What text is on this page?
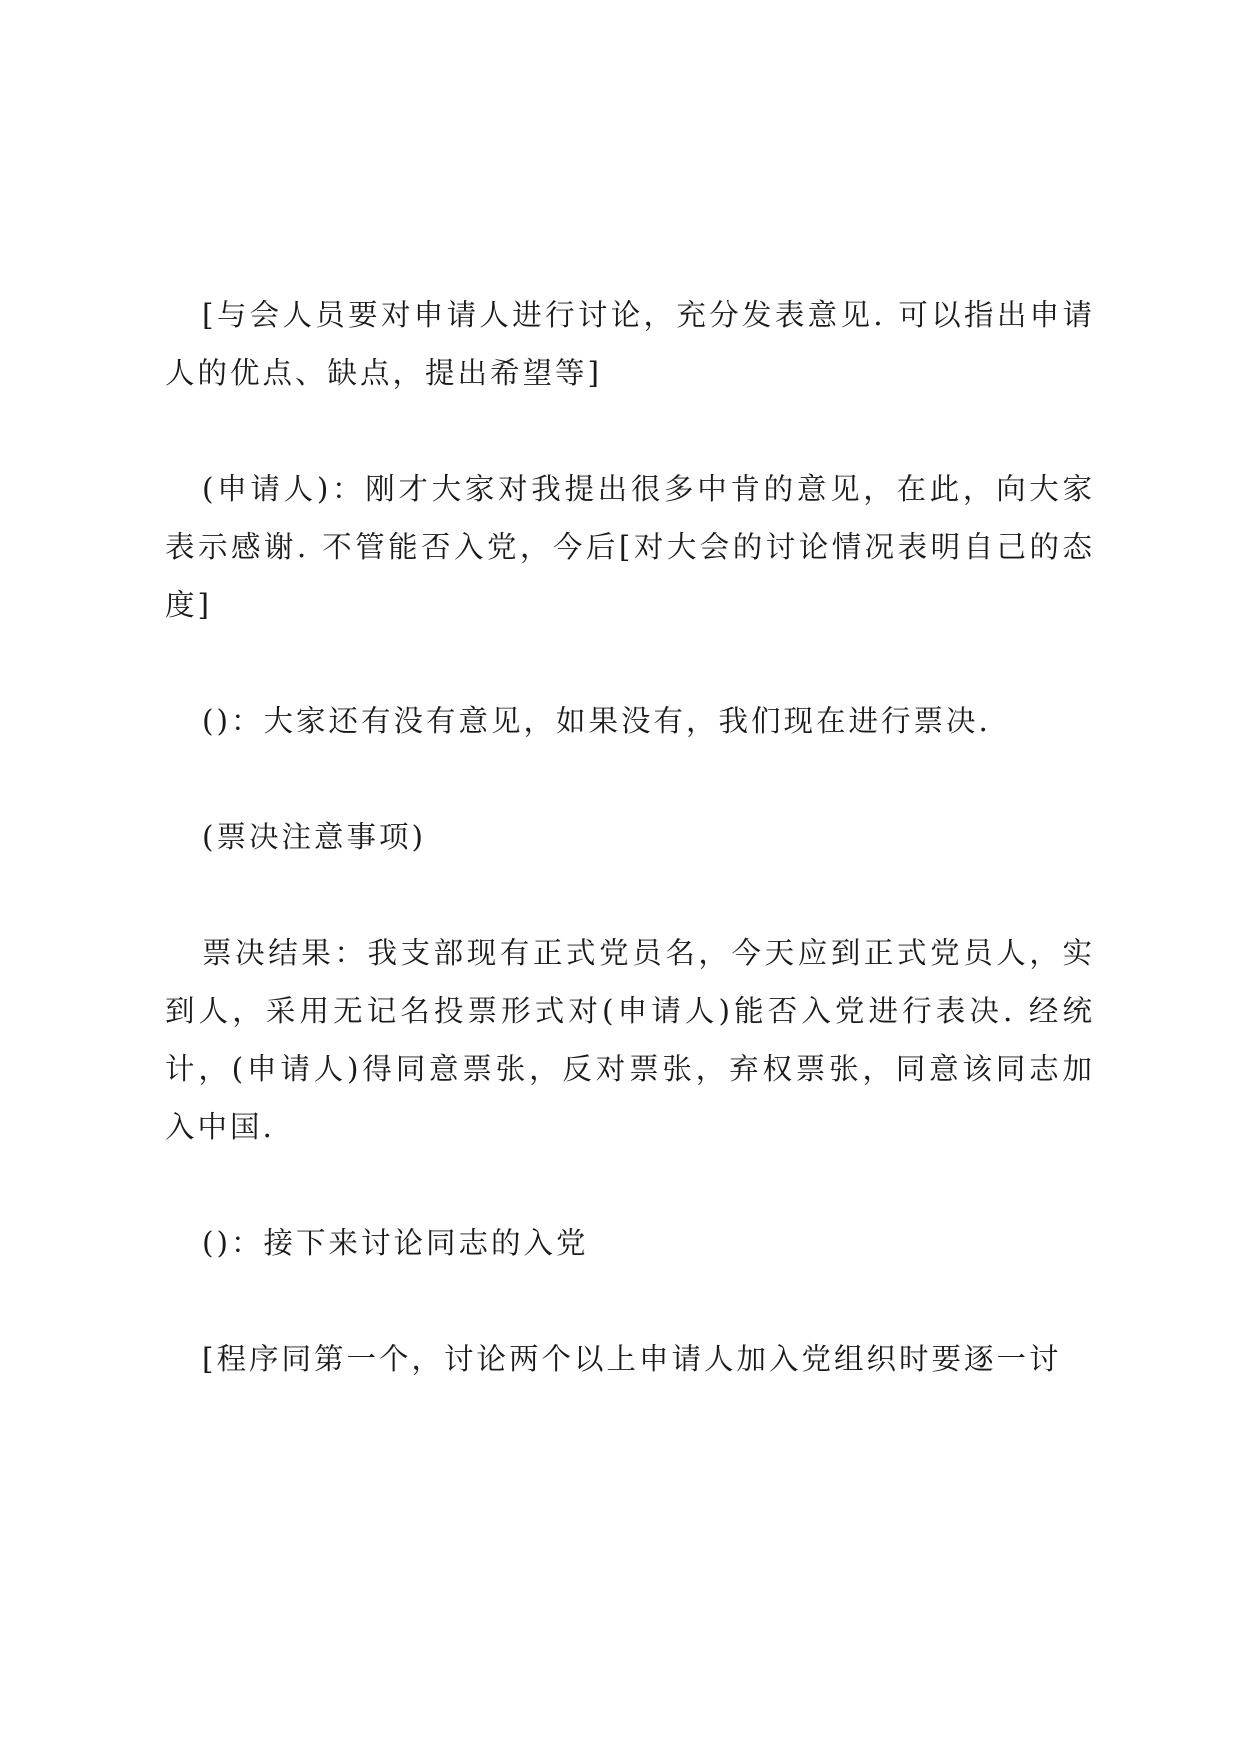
[与会人员要对申请人进行讨论，充分发表意见. 可以指出申请人的优点、缺点，提出希望等]

(申请人)：刚才大家对我提出很多中肯的意见，在此，向大家表示感谢. 不管能否入党，今后[对大会的讨论情况表明自己的态度]

()：大家还有没有意见，如果没有，我们现在进行票决.

(票决注意事项)

票决结果：我支部现有正式党员名，今天应到正式党员人，实到人，采用无记名投票形式对(申请人)能否入党进行表决. 经统计，(申请人)得同意票张，反对票张，弃权票张，同意该同志加入中国.

()：接下来讨论同志的入党

[程序同第一个，讨论两个以上申请人加入党组织时要逐一讨
